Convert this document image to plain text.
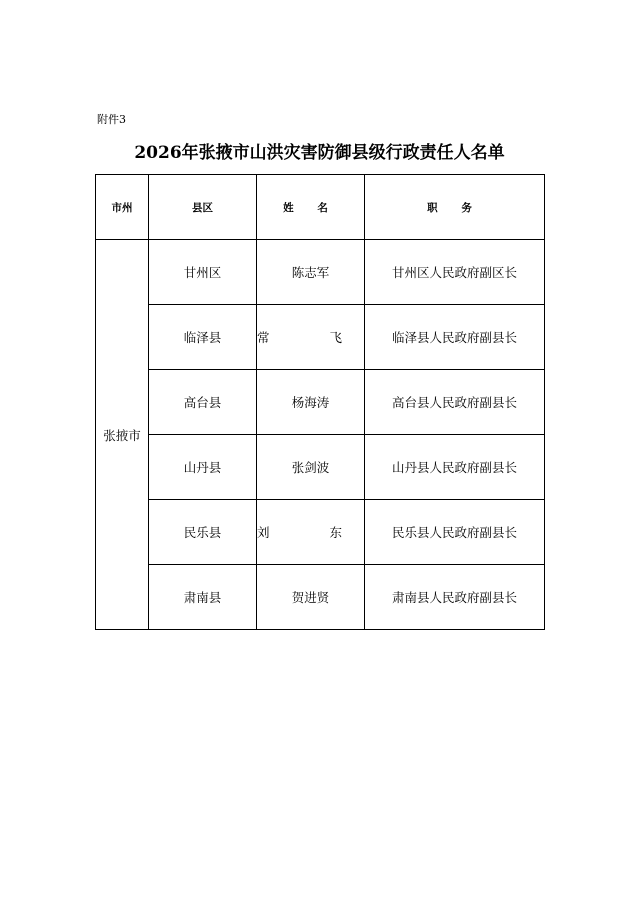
附件3
2026年张掖市山洪灾害防御县级行政责任人名单
市州	县区	姓 名	职 务
张掖市	甘州区	陈志军	甘州区人民政府副区长
	临泽县	常 飞	临泽县人民政府副县长
	高台县	杨海涛	高台县人民政府副县长
	山丹县	张剑波	山丹县人民政府副县长
	民乐县	刘 东	民乐县人民政府副县长
	肃南县	贺进贤	肃南县人民政府副县长
